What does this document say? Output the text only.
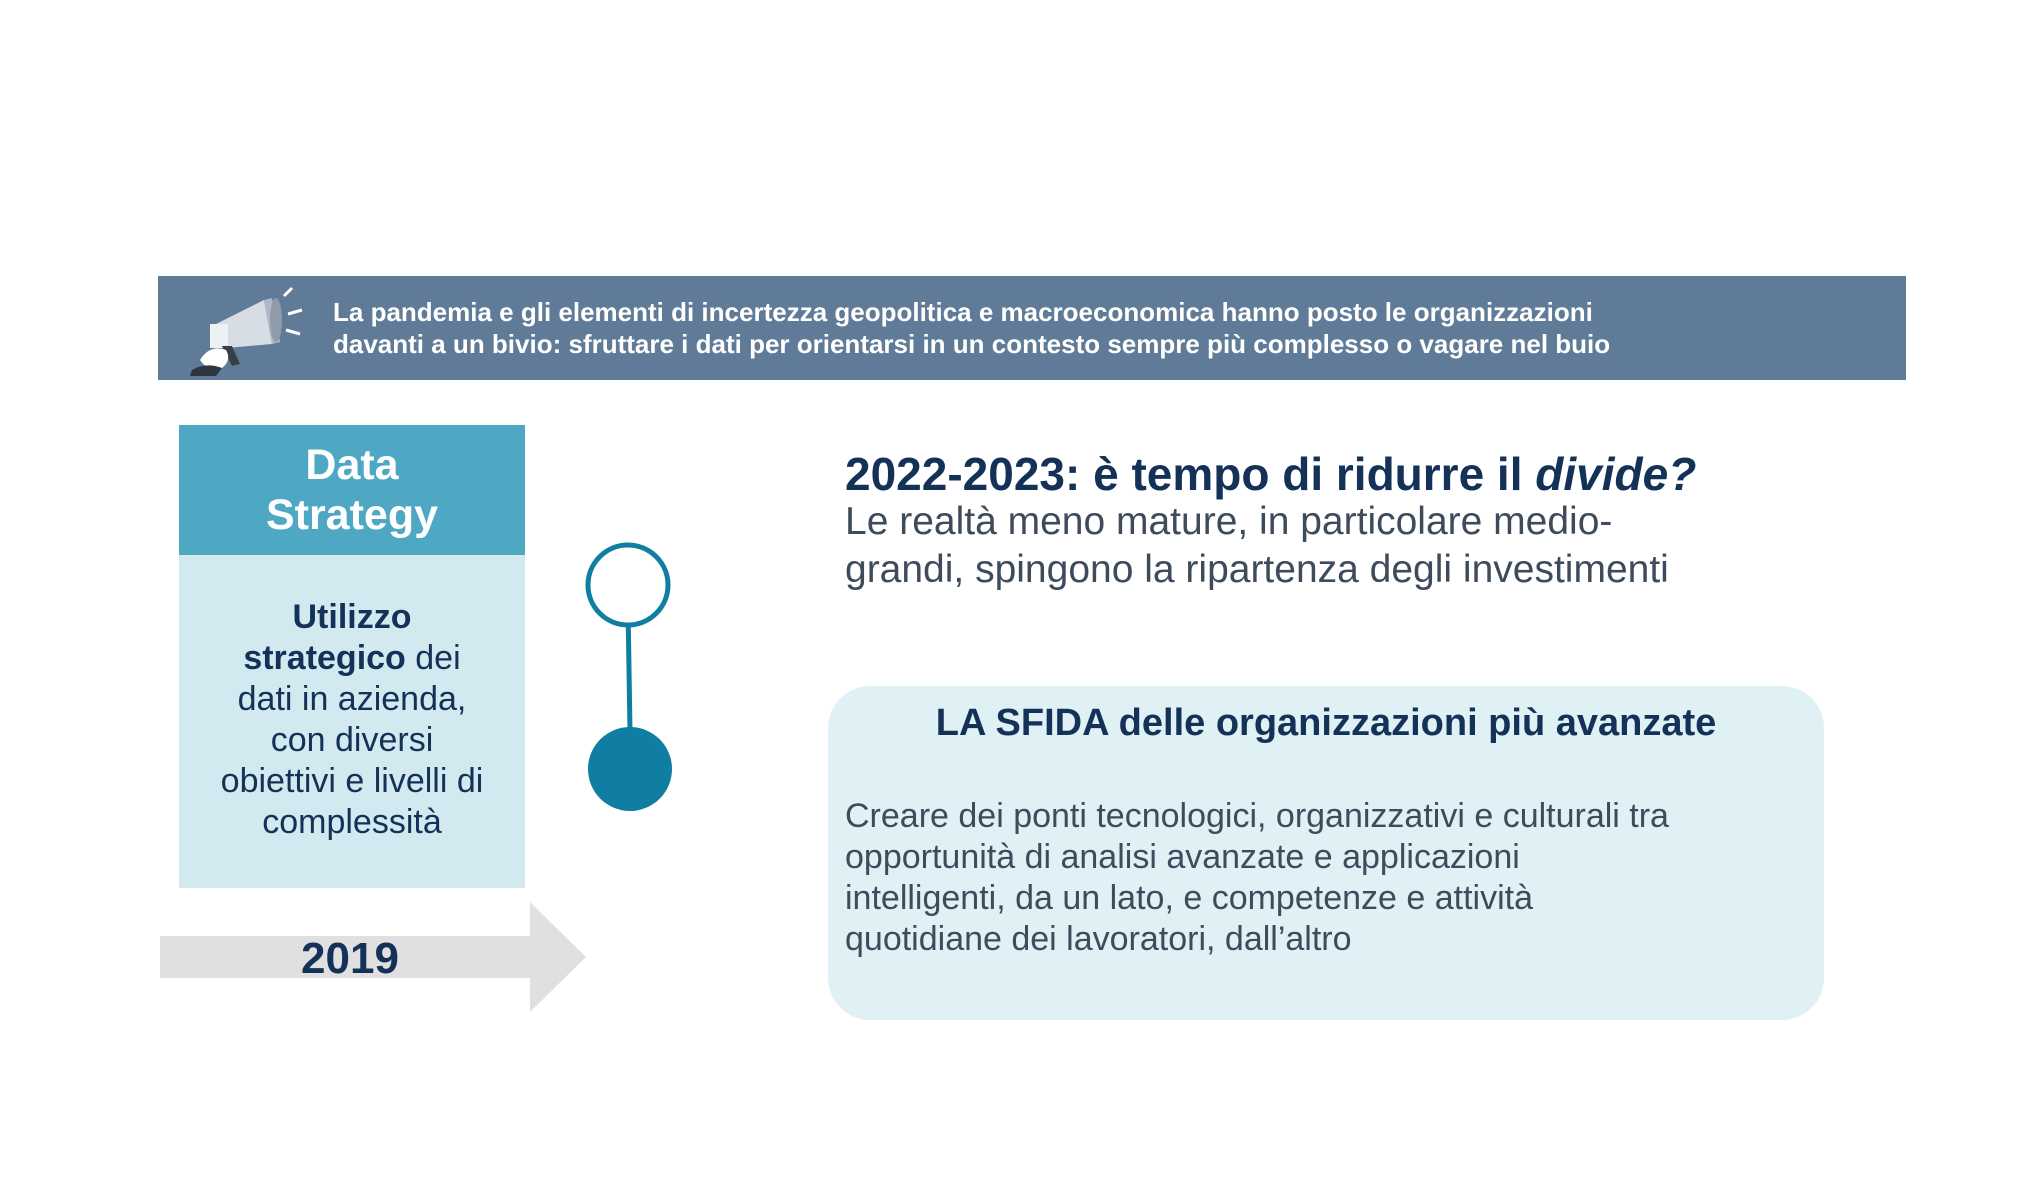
La pandemia e gli elementi di incertezza geopolitica e macroeconomica hanno posto le organizzazioni
davanti a un bivio: sfruttare i dati per orientarsi in un contesto sempre più complesso o vagare nel buio
Data
Strategy
Utilizzo
strategico dei
dati in azienda,
con diversi
obiettivi e livelli di
complessità
2019
2022-2023: è tempo di ridurre il divide?
Le realtà meno mature, in particolare medio-
grandi, spingono la ripartenza degli investimenti
LA SFIDA delle organizzazioni più avanzate
Creare dei ponti tecnologici, organizzativi e culturali tra
opportunità di analisi avanzate e applicazioni
intelligenti, da un lato, e competenze e attività
quotidiane dei lavoratori, dall’altro
